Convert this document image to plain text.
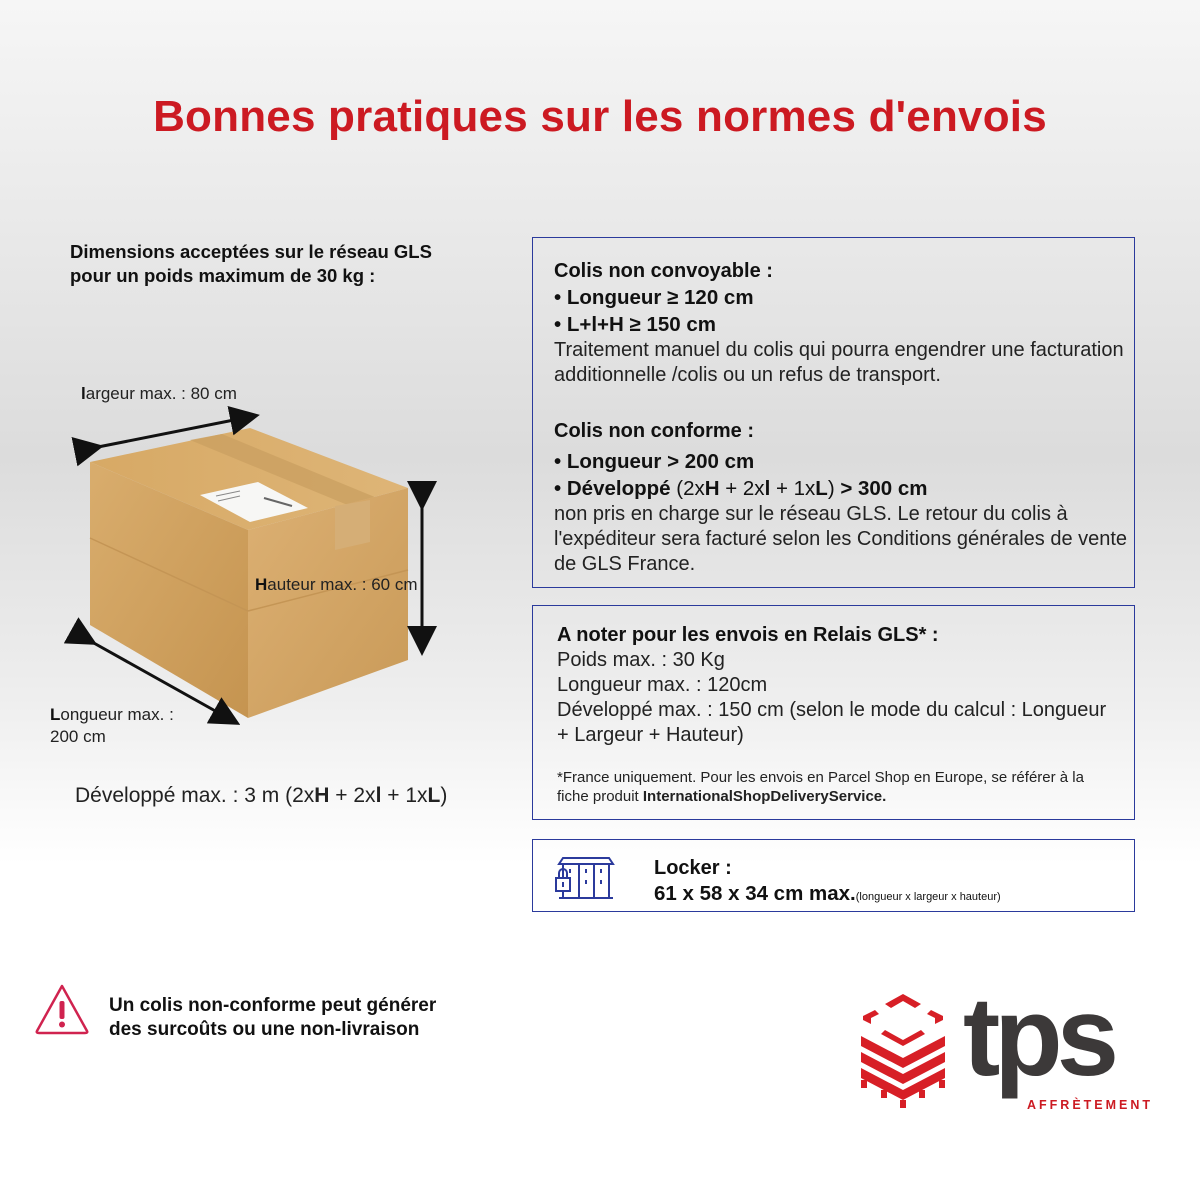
Bonnes pratiques sur les normes d'envois
Dimensions acceptées sur le réseau GLS
pour un poids maximum de 30 kg :
largeur max. : 80 cm
Hauteur max. : 60 cm
Longueur max. :
200 cm
Développé max. : 3 m (2xH + 2xl + 1xL)
Colis non convoyable :
• Longueur ≥ 120 cm
• L+l+H ≥ 150 cm
Traitement manuel du colis qui pourra engendrer une facturation additionnelle /colis ou un refus de transport.
Colis non conforme :
• Longueur > 200 cm
• Développé (2xH + 2xl + 1xL) > 300 cm
non pris en charge sur le réseau GLS. Le retour du colis à l'expéditeur sera facturé selon les Conditions générales de vente de GLS France.
A noter pour les envois en Relais GLS* :
Poids max. : 30 Kg
Longueur max. : 120cm
Développé max. : 150 cm (selon le mode du calcul : Longueur + Largeur + Hauteur)
*France uniquement. Pour les envois en Parcel Shop en Europe, se référer à la fiche produit InternationalShopDeliveryService.
Locker :
61 x 58 x 34 cm max.(longueur x largeur x hauteur)
Un colis non-conforme peut générer
des surcoûts ou une non-livraison	tps
AFFRÈTEMENT
